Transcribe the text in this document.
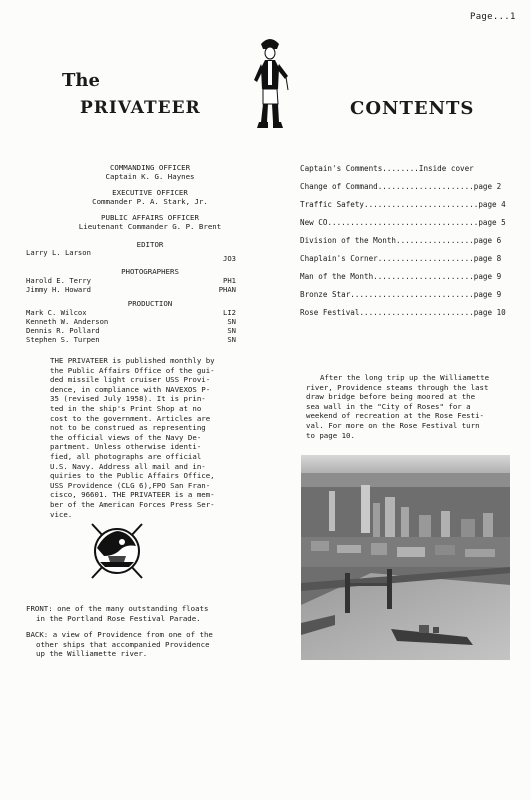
Page...1
The
PRIVATEER	CONTENTS
COMMANDING OFFICER
Captain K. G. Haynes
EXECUTIVE OFFICER
Commander P. A. Stark, Jr.
PUBLIC AFFAIRS OFFICER
Lieutenant Commander G. P. Brent
EDITOR
Larry L. Larson
JO3
PHOTOGRAPHERS
Harold E. Terry	PH1
Jimmy H. Howard	PHAN
PRODUCTION
Mark C. Wilcox	LI2
Kenneth W. Anderson	SN
Dennis R. Pollard	SN
Stephen S. Turpen	SN
THE PRIVATEER is published monthly by
the Public Affairs Office of the gui-
ded missile light cruiser USS Provi-
dence, in compliance with NAVEXOS P-
35 (revised July 1958). It is prin-
ted in the ship's Print Shop at no
cost to the government. Articles are
not to be construed as representing
the official views of the Navy De-
partment. Unless otherwise identi-
fied, all photographs are official
U.S. Navy. Address all mail and in-
quiries to the Public Affairs Office,
USS Providence (CLG 6),FPO San Fran-
cisco, 96601. THE PRIVATEER is a mem-
ber of the American Forces Press Ser-
vice.
FRONT: one of the many outstanding floats
in the Portland Rose Festival Parade.
BACK: a view of Providence from one of the
other ships that accompanied Providence
up the Williamette river.
Captain's Comments........Inside cover
Change of Command.....................page 2
Traffic Safety.........................page 4
New CO.................................page 5
Division of the Month.................page 6
Chaplain's Corner.....................page 8
Man of the Month......................page 9
Bronze Star...........................page 9
Rose Festival.........................page 10
After the long trip up the Williamette
river, Providence steams through the last
draw bridge before being moored at the
sea wall in the "City of Roses" for a
weekend of recreation at the Rose Festi-
val. For more on the Rose Festival turn
to page 10.
